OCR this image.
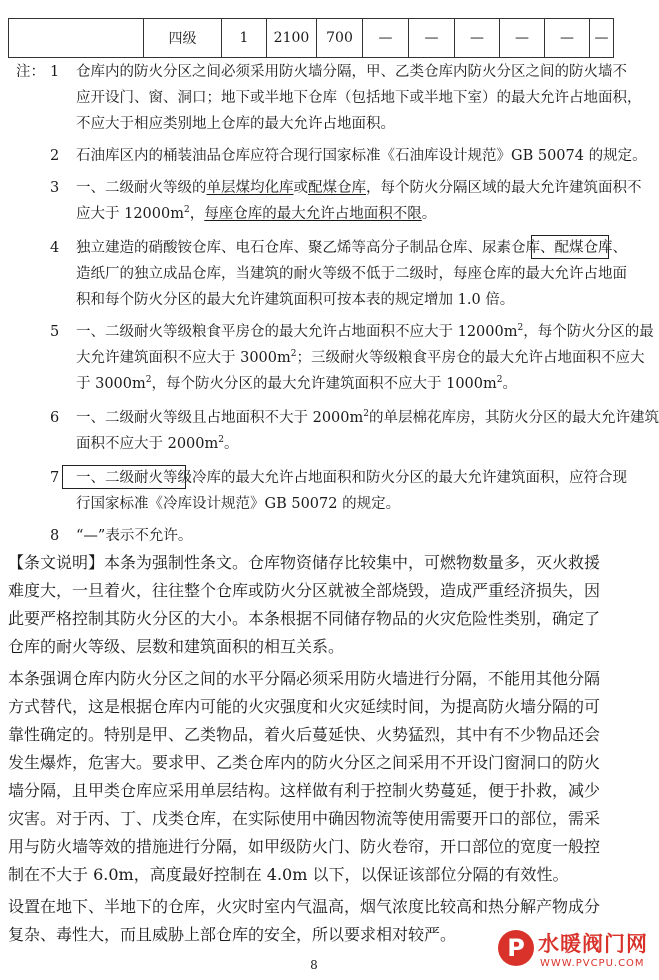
四级	1	2100	700	—	—	—	—	—	—
注： 1 仓库内的防火分区之间必须采用防火墙分隔，甲、乙类仓库内防火分区之间的防火墙不
应开设门、窗、洞口；地下或半地下仓库（包括地下或半地下室）的最大允许占地面积，
不应大于相应类别地上仓库的最大允许占地面积。
2 石油库区内的桶装油品仓库应符合现行国家标准《石油库设计规范》GB 50074 的规定。
3 一、二级耐火等级的单层煤均化库或配煤仓库，每个防火分隔区域的最大允许建筑面积不
应大于 $12000m^2$，每座仓库的最大允许占地面积不限。
4 独立建造的硝酸铵仓库、电石仓库、聚乙烯等高分子制品仓库、尿素仓库、配煤仓库、
造纸厂的独立成品仓库，当建筑的耐火等级不低于二级时，每座仓库的最大允许占地面
积和每个防火分区的最大允许建筑面积可按本表的规定增加 1.0 倍。
5 一、二级耐火等级粮食平房仓的最大允许占地面积不应大于 $12000m^2$，每个防火分区的最
大允许建筑面积不应大于 $3000m^2$；三级耐火等级粮食平房仓的最大允许占地面积不应大
于 $3000m^2$，每个防火分区的最大允许建筑面积不应大于 $1000m^2$。
6 一、二级耐火等级且占地面积不大于 $2000m^2$的单层棉花库房，其防火分区的最大允许建筑
面积不应大于 $2000m^2$。
7 一、二级耐火等级冷库的最大允许占地面积和防火分区的最大允许建筑面积，应符合现
行国家标准《冷库设计规范》GB 50072 的规定。
8 “—”表示不允许。
【条文说明】本条为强制性条文。仓库物资储存比较集中，可燃物数量多，灭火救援
难度大，一旦着火，往往整个仓库或防火分区就被全部烧毁，造成严重经济损失，因
此要严格控制其防火分区的大小。本条根据不同储存物品的火灾危险性类别，确定了
仓库的耐火等级、层数和建筑面积的相互关系。
本条强调仓库内防火分区之间的水平分隔必须采用防火墙进行分隔，不能用其他分隔
方式替代，这是根据仓库内可能的火灾强度和火灾延续时间，为提高防火墙分隔的可
靠性确定的。特别是甲、乙类物品，着火后蔓延快、火势猛烈，其中有不少物品还会
发生爆炸，危害大。要求甲、乙类仓库内的防火分区之间采用不开设门窗洞口的防火
墙分隔，且甲类仓库应采用单层结构。这样做有利于控制火势蔓延，便于扑救，减少
灾害。对于丙、丁、戊类仓库，在实际使用中确因物流等使用需要开口的部位，需采
用与防火墙等效的措施进行分隔，如甲级防火门、防火卷帘，开口部位的宽度一般控
制在不大于 6.0m，高度最好控制在 4.0m 以下，以保证该部位分隔的有效性。
设置在地下、半地下的仓库，火灾时室内气温高，烟气浓度比较高和热分解产物成分
复杂、毒性大，而且威胁上部仓库的安全，所以要求相对较严。
8
P 水暖阀门网
WWW.PVCPU.COM
